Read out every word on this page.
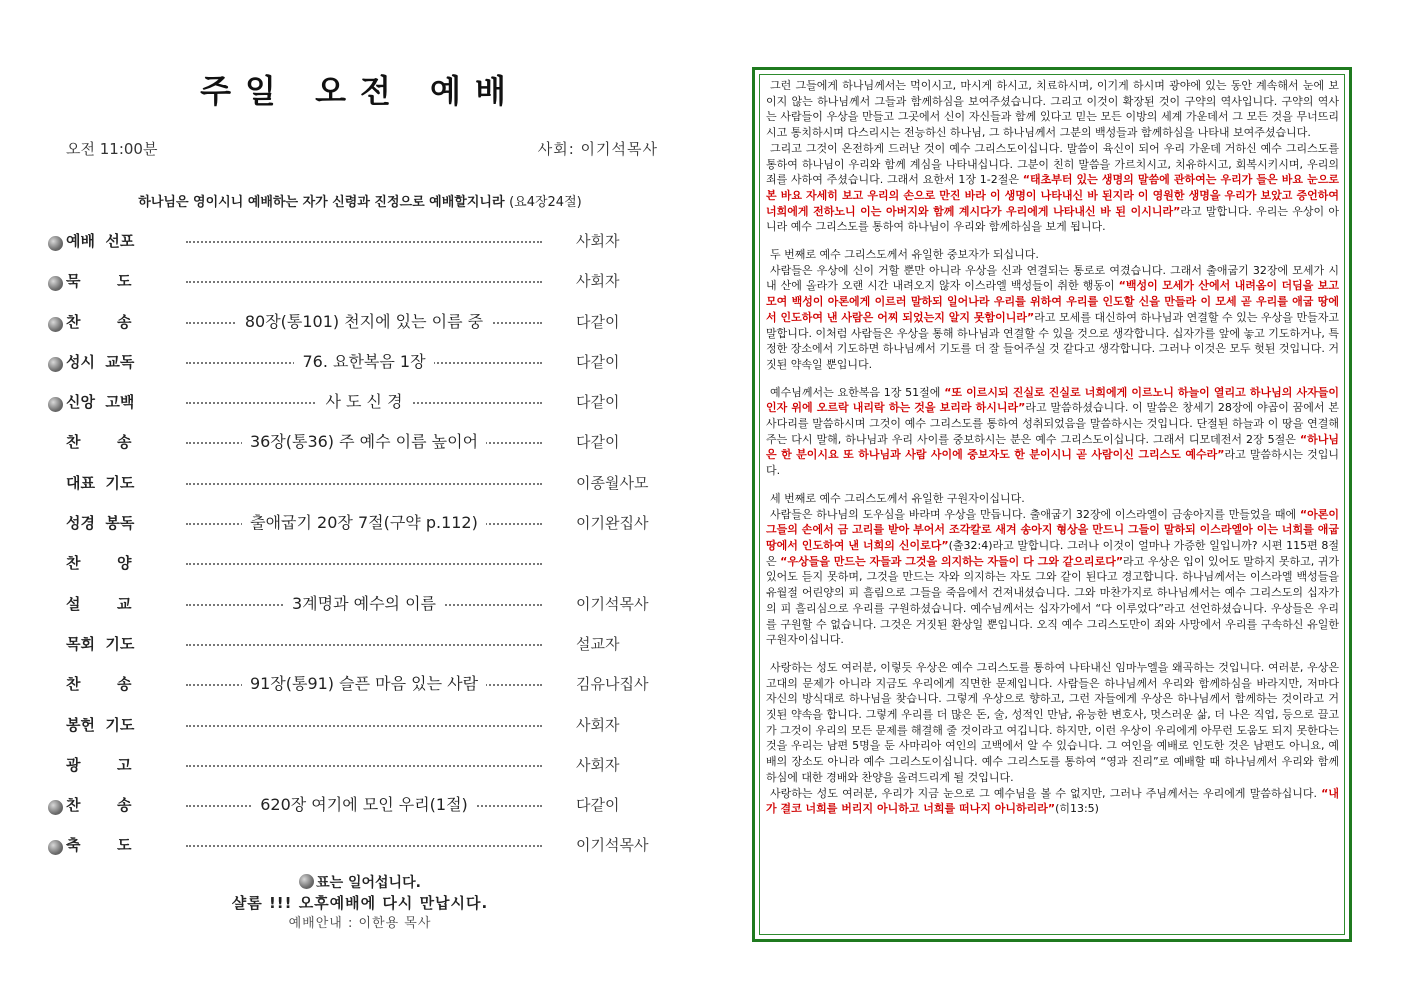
주일 오전 예배
오전 11:00분	사회: 이기석목사
하나님은 영이시니 예배하는 자가 신령과 진정으로 예배할지니라 (요4장24절)
예배  선포	사회자
묵       도	사회자
찬       송	80장(통101) 천지에 있는 이름 중	다같이
성시  교독	76. 요한복음 1장	다같이
신앙  고백	사 도 신 경	다같이
찬       송	36장(통36) 주 예수 이름 높이어	다같이
대표  기도	이종월사모
성경  봉독	출애굽기 20장 7절(구약 p.112)	이기완집사
찬       양
설       교	3계명과 예수의 이름	이기석목사
목회  기도	설교자
찬       송	91장(통91) 슬픈 마음 있는 사람	김유나집사
봉헌  기도	사회자
광       고	사회자
찬       송	620장 여기에 모인 우리(1절)	다같이
축       도	이기석목사
표는 일어섭니다.
샬롬 !!! 오후예배에 다시 만납시다.
예배안내 : 이한용 목사

그런 그들에게 하나님께서는 먹이시고, 마시게 하시고, 치료하시며, 이기게 하시며 광야에 있는 동안 계속해서 눈에 보이지 않는 하나님께서 그들과 함께하심을 보여주셨습니다. 그리고 이것이 확장된 것이 구약의 역사입니다. 구약의 역사는 사람들이 우상을 만들고 그곳에서 신이 자신들과 함께 있다고 믿는 모든 이방의 세계 가운데서 그 모든 것을 무너뜨리시고 통치하시며 다스리시는 전능하신 하나님, 그 하나님께서 그분의 백성들과 함께하심을 나타내 보여주셨습니다.

그리고 그것이 온전하게 드러난 것이 예수 그리스도이십니다. 말씀이 육신이 되어 우리 가운데 거하신 예수 그리스도를 통하여 하나님이 우리와 함께 계심을 나타내십니다. 그분이 친히 말씀을 가르치시고, 치유하시고, 회복시키시며, 우리의 죄를 사하여 주셨습니다. 그래서 요한서 1장 1-2절은 “태초부터 있는 생명의 말씀에 관하여는 우리가 들은 바요 눈으로 본 바요 자세히 보고 우리의 손으로 만진 바라 이 생명이 나타내신 바 된지라 이 영원한 생명을 우리가 보았고 증언하여 너희에게 전하노니 이는 아버지와 함께 계시다가 우리에게 나타내신 바 된 이시니라”라고 말합니다. 우리는 우상이 아니라 예수 그리스도를 통하여 하나님이 우리와 함께하심을 보게 됩니다.

두 번째로 예수 그리스도께서 유일한 중보자가 되십니다.

사람들은 우상에 신이 거할 뿐만 아니라 우상을 신과 연결되는 통로로 여겼습니다. 그래서 출애굽기 32장에 모세가 시내 산에 올라가 오랜 시간 내려오지 않자 이스라엘 백성들이 취한 행동이 “백성이 모세가 산에서 내려옴이 더딤을 보고 모여 백성이 아론에게 이르러 말하되 일어나라 우리를 위하여 우리를 인도할 신을 만들라 이 모세 곧 우리를 애굽 땅에서 인도하여 낸 사람은 어찌 되었는지 알지 못함이니라”라고 모세를 대신하여 하나님과 연결할 수 있는 우상을 만들자고 말합니다. 이처럼 사람들은 우상을 통해 하나님과 연결할 수 있을 것으로 생각합니다. 십자가를 앞에 놓고 기도하거나, 특정한 장소에서 기도하면 하나님께서 기도를 더 잘 들어주실 것 같다고 생각합니다. 그러나 이것은 모두 헛된 것입니다. 거짓된 약속일 뿐입니다.

예수님께서는 요한복음 1장 51절에 “또 이르시되 진실로 진실로 너희에게 이르노니 하늘이 열리고 하나님의 사자들이 인자 위에 오르락 내리락 하는 것을 보리라 하시니라”라고 말씀하셨습니다. 이 말씀은 창세기 28장에 야곱이 꿈에서 본 사다리를 말씀하시며 그것이 예수 그리스도를 통하여 성취되었음을 말씀하시는 것입니다. 단절된 하늘과 이 땅을 연결해주는 다시 말해, 하나님과 우리 사이를 중보하시는 분은 예수 그리스도이십니다. 그래서 디모데전서 2장 5절은 “하나님은 한 분이시요 또 하나님과 사람 사이에 중보자도 한 분이시니 곧 사람이신 그리스도 예수라”라고 말씀하시는 것입니다.

세 번째로 예수 그리스도께서 유일한 구원자이십니다.

사람들은 하나님의 도우심을 바라며 우상을 만듭니다. 출애굽기 32장에 이스라엘이 금송아지를 만들었을 때에 “아론이 그들의 손에서 금 고리를 받아 부어서 조각칼로 새겨 송아지 형상을 만드니 그들이 말하되 이스라엘아 이는 너희를 애굽 땅에서 인도하여 낸 너희의 신이로다”(출32:4)라고 말합니다. 그러나 이것이 얼마나 가증한 일입니까? 시편 115편 8절은 “우상들을 만드는 자들과 그것을 의지하는 자들이 다 그와 같으리로다”라고 우상은 입이 있어도 말하지 못하고, 귀가 있어도 듣지 못하며, 그것을 만드는 자와 의지하는 자도 그와 같이 된다고 경고합니다. 하나님께서는 이스라엘 백성들을 유월절 어린양의 피 흘림으로 그들을 죽음에서 건져내셨습니다. 그와 마찬가지로 하나님께서는 예수 그리스도의 십자가의 피 흘리심으로 우리를 구원하셨습니다. 예수님께서는 십자가에서 “다 이루었다”라고 선언하셨습니다. 우상들은 우리를 구원할 수 없습니다. 그것은 거짓된 환상일 뿐입니다. 오직 예수 그리스도만이 죄와 사망에서 우리를 구속하신 유일한 구원자이십니다.

사랑하는 성도 여러분, 이렇듯 우상은 예수 그리스도를 통하여 나타내신 임마누엘을 왜곡하는 것입니다. 여러분, 우상은 고대의 문제가 아니라 지금도 우리에게 직면한 문제입니다. 사람들은 하나님께서 우리와 함께하심을 바라지만, 저마다 자신의 방식대로 하나님을 찾습니다. 그렇게 우상으로 향하고, 그런 자들에게 우상은 하나님께서 함께하는 것이라고 거짓된 약속을 합니다. 그렇게 우리를 더 많은 돈, 술, 성적인 만남, 유능한 변호사, 멋스러운 삶, 더 나은 직업, 등으로 끌고 가 그것이 우리의 모든 문제를 해결해 줄 것이라고 여깁니다. 하지만, 이런 우상이 우리에게 아무런 도움도 되지 못한다는 것을 우리는 남편 5명을 둔 사마리아 여인의 고백에서 알 수 있습니다. 그 여인을 예배로 인도한 것은 남편도 아니요, 예배의 장소도 아니라 예수 그리스도이십니다. 예수 그리스도를 통하여 “영과 진리”로 예배할 때 하나님께서 우리와 함께하심에 대한 경배와 찬양을 올려드리게 될 것입니다.

사랑하는 성도 여러분, 우리가 지금 눈으로 그 예수님을 볼 수 없지만, 그러나 주님께서는 우리에게 말씀하십니다. “내가 결코 너희를 버리지 아니하고 너희를 떠나지 아니하리라”(히13:5)
